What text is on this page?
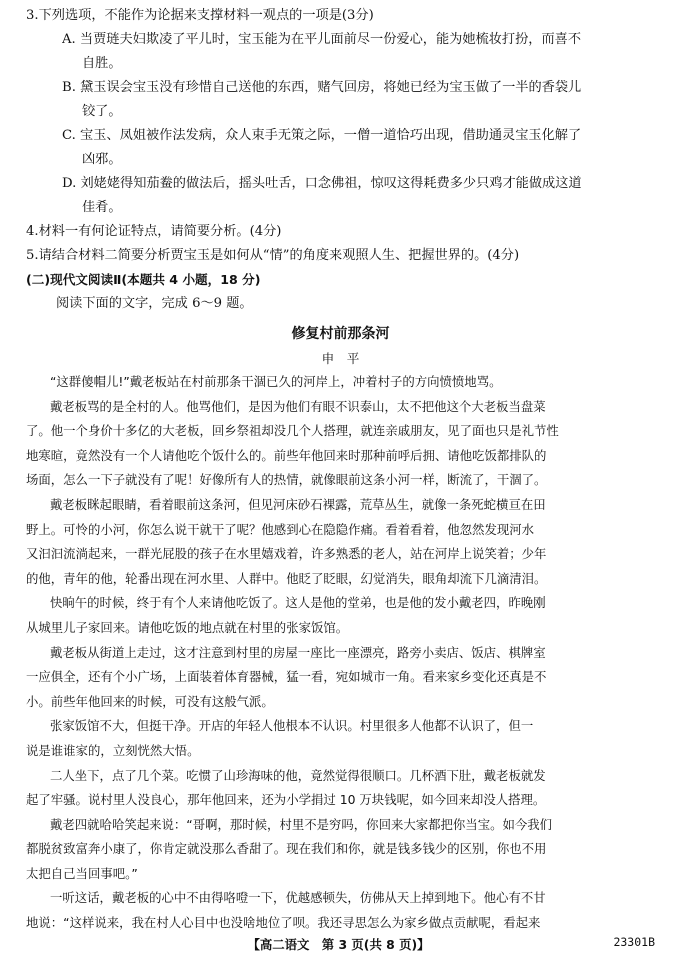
3.下列选项，不能作为论据来支撑材料一观点的一项是(3分)
A. 当贾琏夫妇欺凌了平儿时，宝玉能为在平儿面前尽一份爱心，能为她梳妆打扮，而喜不
自胜。
B. 黛玉误会宝玉没有珍惜自己送他的东西，赌气回房，将她已经为宝玉做了一半的香袋儿
铰了。
C. 宝玉、凤姐被作法发病，众人束手无策之际，一僧一道恰巧出现，借助通灵宝玉化解了
凶邪。
D. 刘姥姥得知茄鲞的做法后，摇头吐舌，口念佛祖，惊叹这得耗费多少只鸡才能做成这道
佳肴。
4.材料一有何论证特点，请简要分析。(4分)
5.请结合材料二简要分析贾宝玉是如何从“情”的角度来观照人生、把握世界的。(4分)
(二)现代文阅读Ⅱ(本题共 4 小题，18 分)
阅读下面的文字，完成 6～9 题。
修复村前那条河
申　平
“这群傻帽儿!”戴老板站在村前那条干涸已久的河岸上，冲着村子的方向愤愤地骂。
戴老板骂的是全村的人。他骂他们，是因为他们有眼不识泰山，太不把他这个大老板当盘菜
了。他一个身价十多亿的大老板，回乡祭祖却没几个人搭理，就连亲戚朋友，见了面也只是礼节性
地寒暄，竟然没有一个人请他吃个饭什么的。前些年他回来时那种前呼后拥、请他吃饭都排队的
场面，怎么一下子就没有了呢！好像所有人的热情，就像眼前这条小河一样，断流了，干涸了。
戴老板眯起眼睛，看着眼前这条河，但见河床砂石裸露，荒草丛生，就像一条死蛇横亘在田
野上。可怜的小河，你怎么说干就干了呢？他感到心在隐隐作痛。看着看着，他忽然发现河水
又汩汩流淌起来，一群光屁股的孩子在水里嬉戏着，许多熟悉的老人，站在河岸上说笑着；少年
的他，青年的他，轮番出现在河水里、人群中。他眨了眨眼，幻觉消失，眼角却流下几滴清泪。
快晌午的时候，终于有个人来请他吃饭了。这人是他的堂弟，也是他的发小戴老四，昨晚刚
从城里儿子家回来。请他吃饭的地点就在村里的张家饭馆。
戴老板从街道上走过，这才注意到村里的房屋一座比一座漂亮，路旁小卖店、饭店、棋牌室
一应俱全，还有个小广场，上面装着体育器械，猛一看，宛如城市一角。看来家乡变化还真是不
小。前些年他回来的时候，可没有这般气派。
张家饭馆不大，但挺干净。开店的年轻人他根本不认识。村里很多人他都不认识了，但一
说是谁谁家的，立刻恍然大悟。
二人坐下，点了几个菜。吃惯了山珍海味的他，竟然觉得很顺口。几杯酒下肚，戴老板就发
起了牢骚。说村里人没良心，那年他回来，还为小学捐过 10 万块钱呢，如今回来却没人搭理。
戴老四就哈哈笑起来说：“哥啊，那时候，村里不是穷吗，你回来大家都把你当宝。如今我们
都脱贫致富奔小康了，你肯定就没那么香甜了。现在我们和你，就是钱多钱少的区别，你也不用
太把自己当回事吧。”
一听这话，戴老板的心中不由得咯噔一下，优越感顿失，仿佛从天上掉到地下。他心有不甘
地说：“这样说来，我在村人心目中也没啥地位了呗。我还寻思怎么为家乡做点贡献呢，看起来
【高二语文　第 3 页(共 8 页)】	23301B
